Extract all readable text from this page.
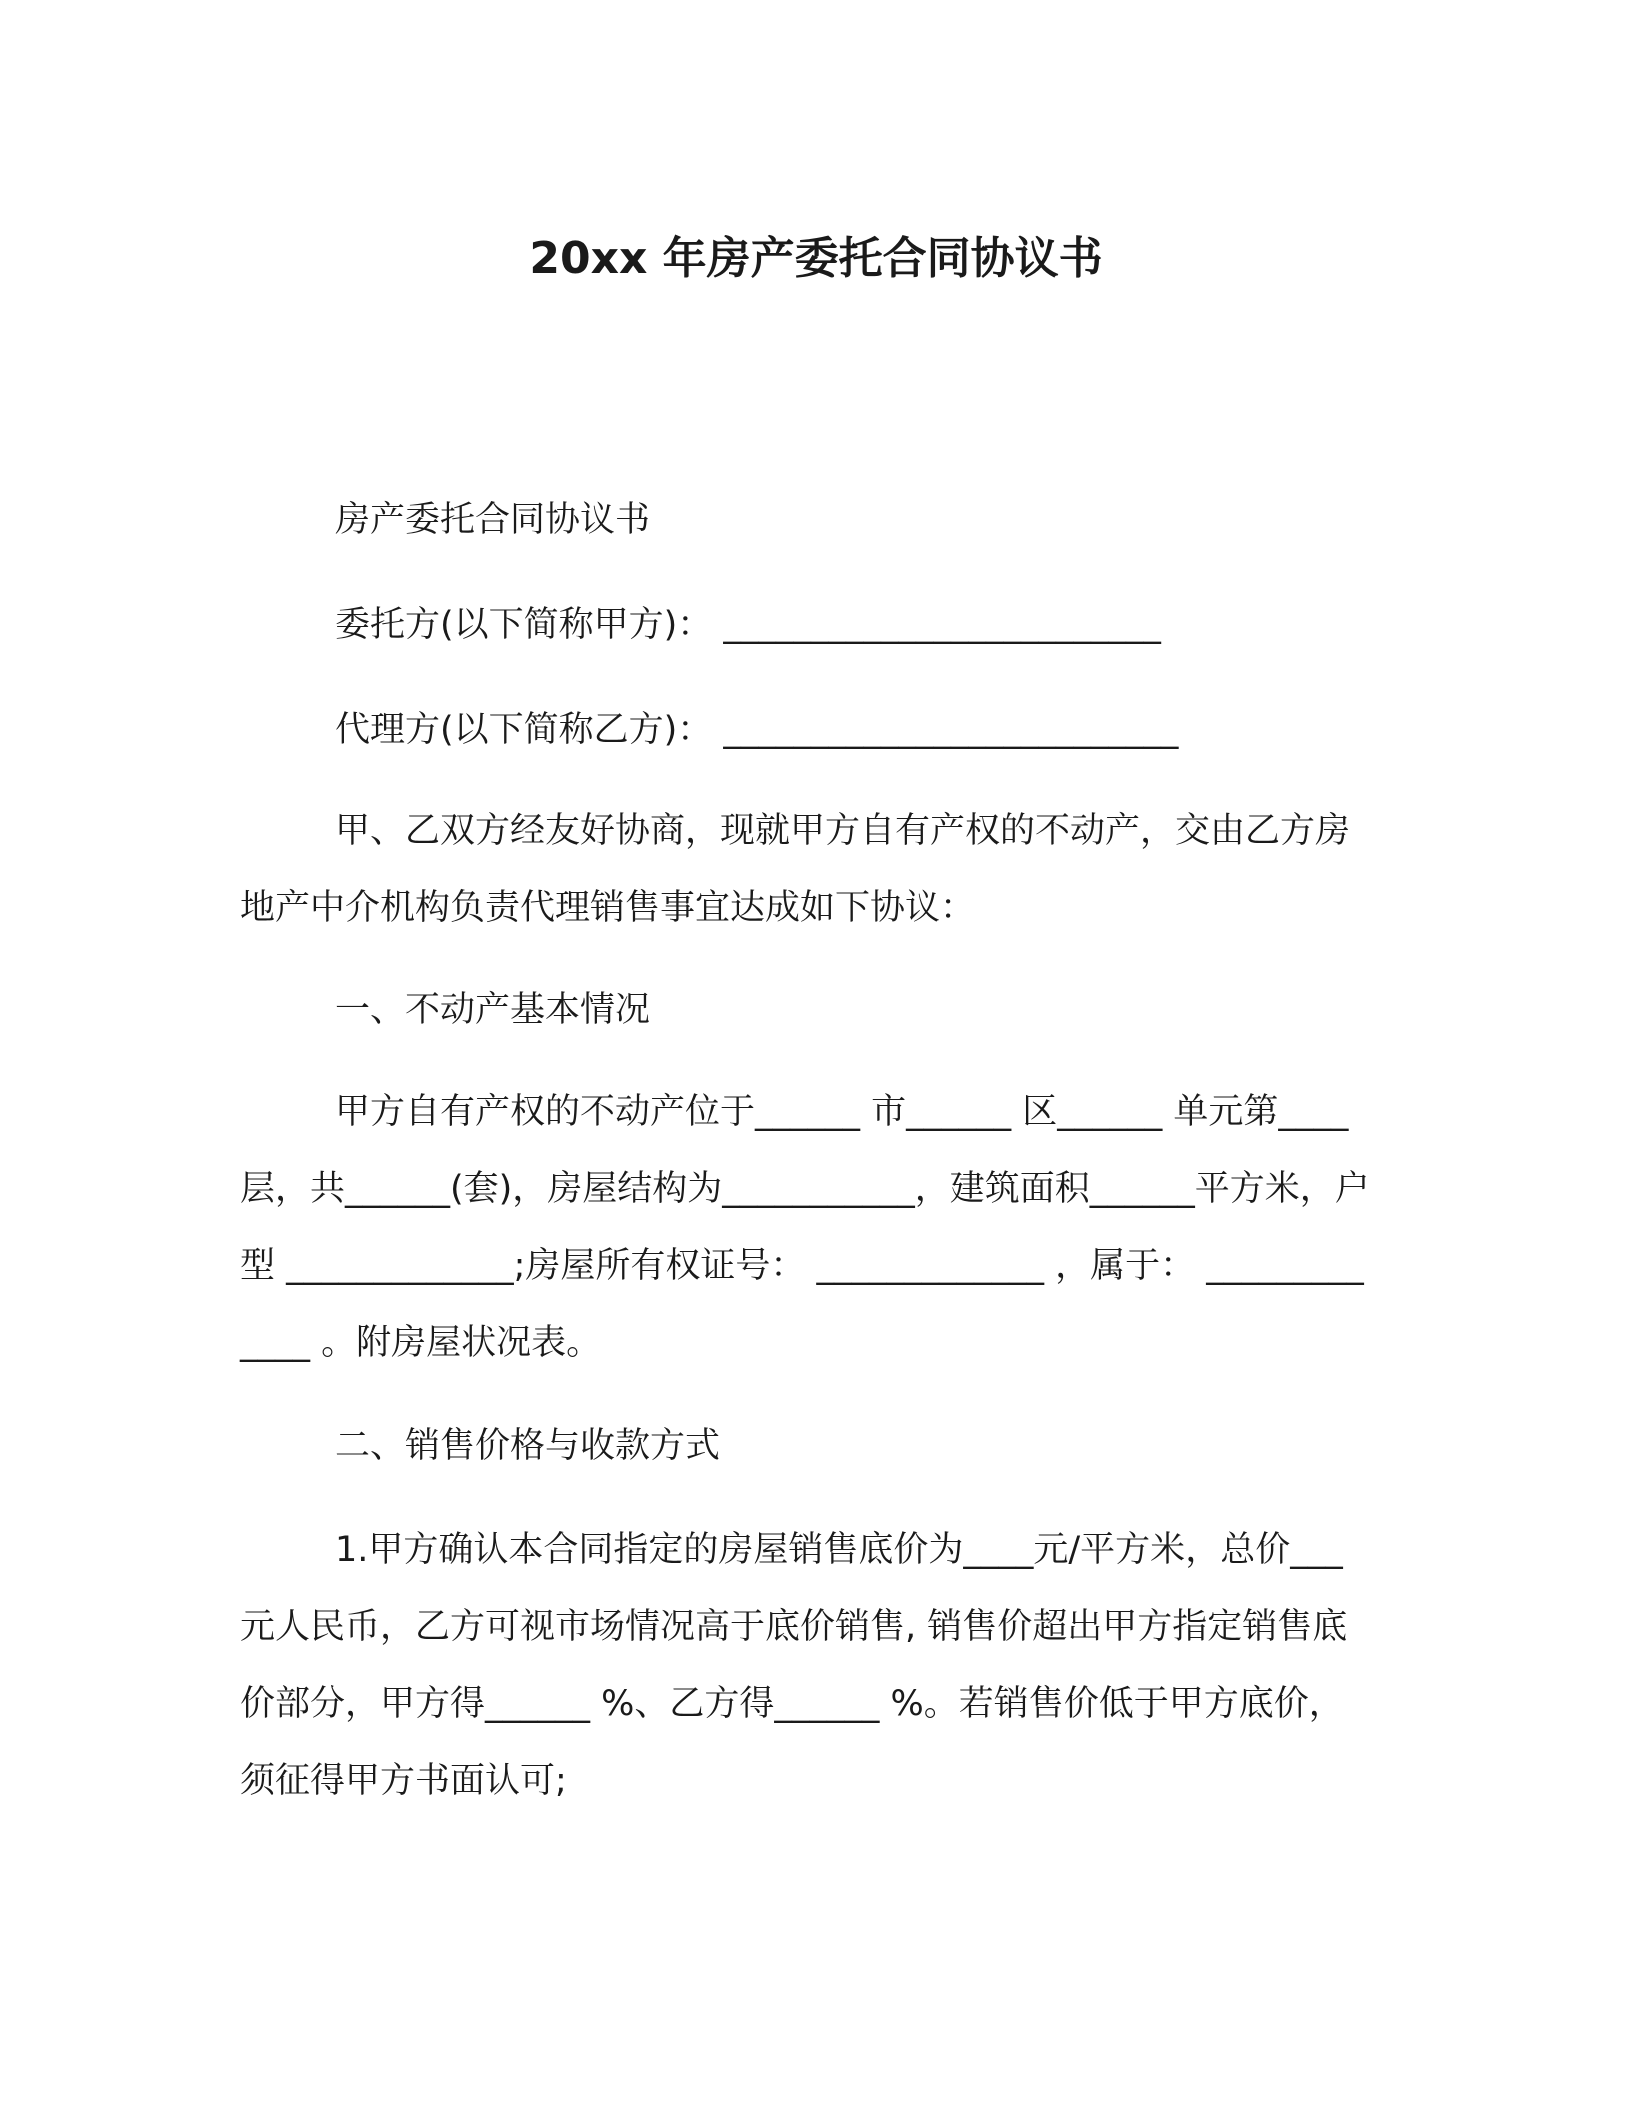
20xx 年房产委托合同协议书

房产委托合同协议书

委托方(以下简称甲方)： _________________________

代理方(以下简称乙方)： __________________________

甲、乙双方经友好协商，现就甲方自有产权的不动产，交由乙方房地产中介机构负责代理销售事宜达成如下协议：

一、不动产基本情况

甲方自有产权的不动产位于______ 市______ 区______ 单元第____层，共______(套)，房屋结构为___________，建筑面积______平方米，户型 _____________;房屋所有权证号： _____________ ，属于： _____________ 。附房屋状况表。

二、销售价格与收款方式

1.甲方确认本合同指定的房屋销售底价为____元/平方米，总价___ 元人民币，乙方可视市场情况高于底价销售, 销售价超出甲方指定销售底价部分，甲方得______ %、乙方得______ %。若销售价低于甲方底价，须征得甲方书面认可;
